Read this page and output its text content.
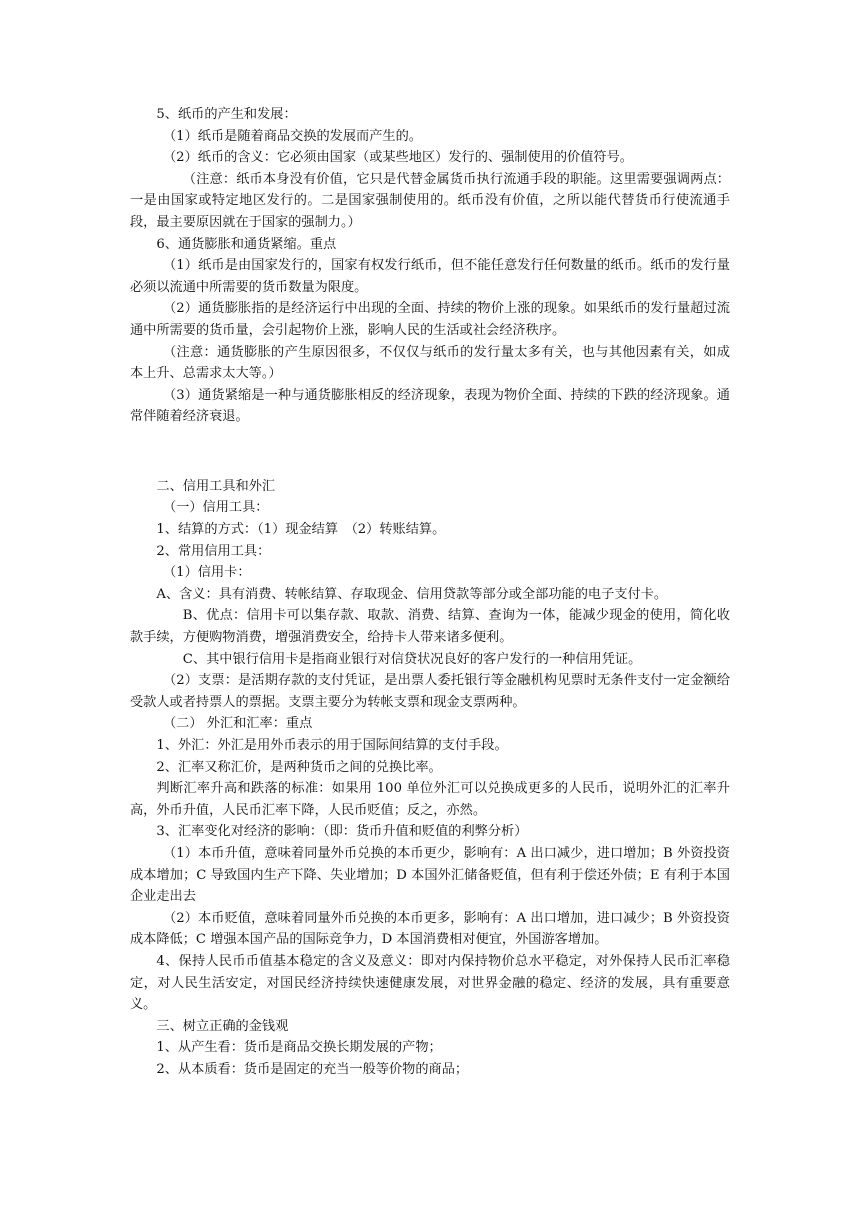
5、纸币的产生和发展：

（1）纸币是随着商品交换的发展而产生的。

（2）纸币的含义：它必须由国家（或某些地区）发行的、强制使用的价值符号。

（注意：纸币本身没有价值，它只是代替金属货币执行流通手段的职能。这里需要强调两点：一是由国家或特定地区发行的。二是国家强制使用的。纸币没有价值，之所以能代替货币行使流通手段，最主要原因就在于国家的强制力。）

6、通货膨胀和通货紧缩。重点

（1）纸币是由国家发行的，国家有权发行纸币，但不能任意发行任何数量的纸币。纸币的发行量必须以流通中所需要的货币数量为限度。

（2）通货膨胀指的是经济运行中出现的全面、持续的物价上涨的现象。如果纸币的发行量超过流通中所需要的货币量，会引起物价上涨，影响人民的生活或社会经济秩序。

（注意：通货膨胀的产生原因很多，不仅仅与纸币的发行量太多有关，也与其他因素有关，如成本上升、总需求太大等。）

（3）通货紧缩是一种与通货膨胀相反的经济现象，表现为物价全面、持续的下跌的经济现象。通常伴随着经济衰退。

二、信用工具和外汇

（一）信用工具：

1、结算的方式：（1）现金结算　（2）转账结算。

2、常用信用工具：

（1）信用卡：

A、含义：具有消费、转帐结算、存取现金、信用贷款等部分或全部功能的电子支付卡。

B、优点：信用卡可以集存款、取款、消费、结算、查询为一体，能减少现金的使用，简化收款手续，方便购物消费，增强消费安全，给持卡人带来诸多便利。

C、其中银行信用卡是指商业银行对信贷状况良好的客户发行的一种信用凭证。

（2）支票：是活期存款的支付凭证，是出票人委托银行等金融机构见票时无条件支付一定金额给受款人或者持票人的票据。支票主要分为转帐支票和现金支票两种。

（二） 外汇和汇率：重点

1、外汇：外汇是用外币表示的用于国际间结算的支付手段。

2、汇率又称汇价，是两种货币之间的兑换比率。

判断汇率升高和跌落的标准：如果用 100 单位外汇可以兑换成更多的人民币，说明外汇的汇率升高，外币升值，人民币汇率下降，人民币贬值；反之，亦然。

3、汇率变化对经济的影响：（即：货币升值和贬值的利弊分析）

（1）本币升值，意味着同量外币兑换的本币更少，影响有：A 出口减少，进口增加；B 外资投资成本增加；C 导致国内生产下降、失业增加；D 本国外汇储备贬值，但有利于偿还外债；E 有利于本国企业走出去

（2）本币贬值，意味着同量外币兑换的本币更多，影响有：A 出口增加，进口减少；B 外资投资成本降低；C 增强本国产品的国际竞争力，D 本国消费相对便宜，外国游客增加。

4、保持人民币币值基本稳定的含义及意义：即对内保持物价总水平稳定，对外保持人民币汇率稳定，对人民生活安定，对国民经济持续快速健康发展，对世界金融的稳定、经济的发展，具有重要意义。

三、树立正确的金钱观

1、从产生看：货币是商品交换长期发展的产物；

2、从本质看：货币是固定的充当一般等价物的商品；
